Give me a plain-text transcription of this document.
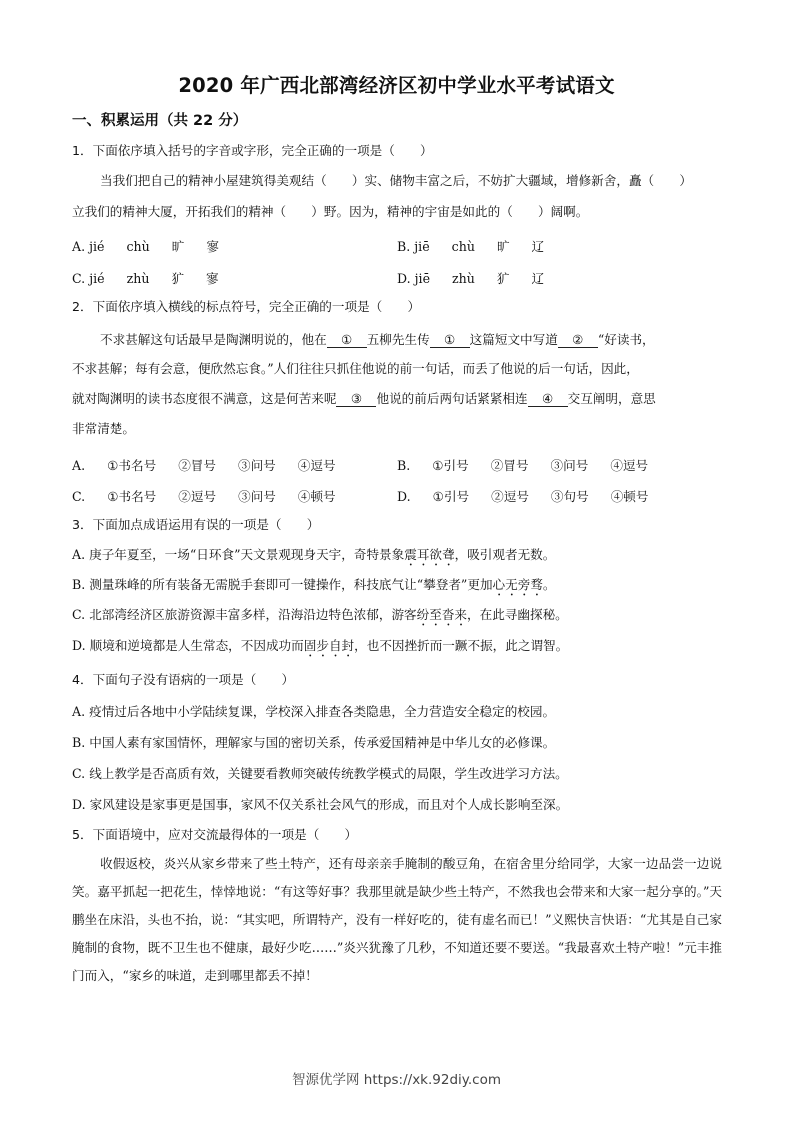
2020 年广西北部湾经济区初中学业水平考试语文
一、积累运用（共 22 分）
1．下面依序填入括号的字音或字形，完全正确的一项是（　　）
当我们把自己的精神小屋建筑得美观结（　　）实、储物丰富之后，不妨扩大疆域，增修新舍，矗（　　）
立我们的精神大厦，开拓我们的精神（　　）野。因为，精神的宇宙是如此的（　　）阔啊。
A. jié chù 旷 寥	B. jiē chù 旷 辽
C. jié zhù 犷 寥	D. jiē zhù 犷 辽
2．下面依序填入横线的标点符号，完全正确的一项是（　　）
不求甚解这句话最早是陶渊明说的，他在 ① 五柳先生传 ① 这篇短文中写道 ② “好读书，
不求甚解；每有会意，便欣然忘食。”人们往往只抓住他说的前一句话，而丢了他说的后一句话，因此，
就对陶渊明的读书态度很不满意，这是何苦来呢 ③ 他说的前后两句话紧紧相连 ④ 交互阐明，意思
非常清楚。
A. ①书名号 ②冒号 ③问号 ④逗号	B. ①引号 ②冒号 ③问号 ④逗号
C. ①书名号 ②逗号 ③问号 ④顿号	D. ①引号 ②逗号 ③句号 ④顿号
3．下面加点成语运用有误的一项是（　　）
A. 庚子年夏至，一场“日环食”天文景观现身天宇，奇特景象震耳欲聋，吸引观者无数。
B. 测量珠峰的所有装备无需脱手套即可一键操作，科技底气让“攀登者”更加心无旁骛。
C. 北部湾经济区旅游资源丰富多样，沿海沿边特色浓郁，游客纷至沓来，在此寻幽探秘。
D. 顺境和逆境都是人生常态，不因成功而固步自封，也不因挫折而一蹶不振，此之谓智。
4．下面句子没有语病的一项是（　　）
A. 疫情过后各地中小学陆续复课，学校深入排查各类隐患，全力营造安全稳定的校园。
B. 中国人素有家国情怀，理解家与国的密切关系，传承爱国精神是中华儿女的必修课。
C. 线上教学是否高质有效，关键要看教师突破传统教学模式的局限，学生改进学习方法。
D. 家风建设是家事更是国事，家风不仅关系社会风气的形成，而且对个人成长影响至深。
5．下面语境中，应对交流最得体的一项是（　　）
收假返校，炎兴从家乡带来了些土特产，还有母亲亲手腌制的酸豆角，在宿舍里分给同学，大家一边品尝一边说笑。嘉平抓起一把花生，悻悻地说：“有这等好事？我那里就是缺少些土特产，不然我也会带来和大家一起分享的。”天鹏坐在床沿，头也不抬，说：“其实吧，所谓特产，没有一样好吃的，徒有虚名而已！”义熙快言快语：“尤其是自己家腌制的食物，既不卫生也不健康，最好少吃……”炎兴犹豫了几秒，不知道还要不要送。“我最喜欢土特产啦！”元丰推门而入，“家乡的味道，走到哪里都丢不掉！
智源优学网 https://xk.92diy.com
